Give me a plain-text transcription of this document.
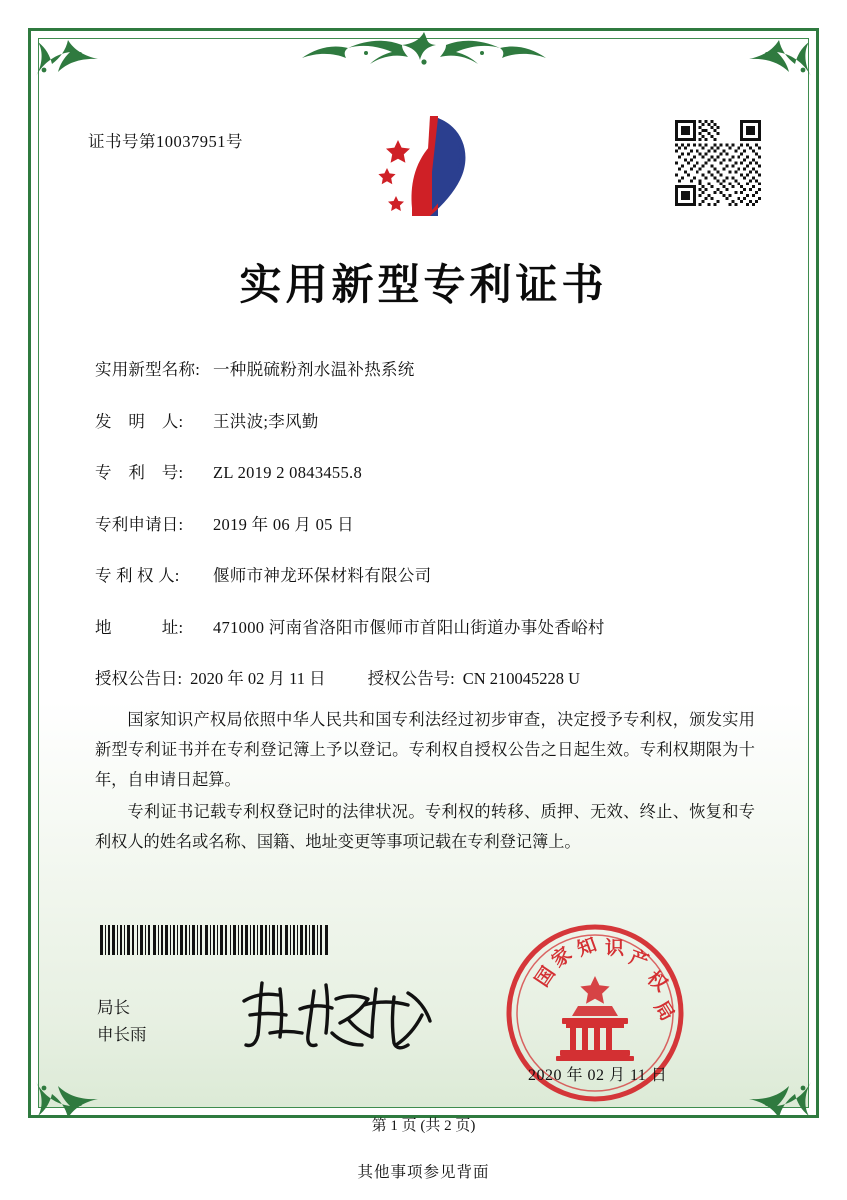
证书号第10037951号
实用新型专利证书
实用新型名称: 一种脱硫粉剂水温补热系统
发　明　人:	王洪波;李风勤
专　利　号:	ZL 2019 2 0843455.8
专利申请日:	2019 年 06 月 05 日
专 利 权 人:	偃师市神龙环保材料有限公司
地　　　址:	471000 河南省洛阳市偃师市首阳山街道办事处香峪村
授权公告日: 2020 年 02 月 11 日	授权公告号: CN 210045228 U

国家知识产权局依照中华人民共和国专利法经过初步审查，决定授予专利权，颁发实用新型专利证书并在专利登记簿上予以登记。专利权自授权公告之日起生效。专利权期限为十年，自申请日起算。

专利证书记载专利权登记时的法律状况。专利权的转移、质押、无效、终止、恢复和专利权人的姓名或名称、国籍、地址变更等事项记载在专利登记簿上。

局长
申长雨
国
家
知 识 产
权
局
2020 年 02 月 11 日
第 1 页 (共 2 页)
其他事项参见背面
